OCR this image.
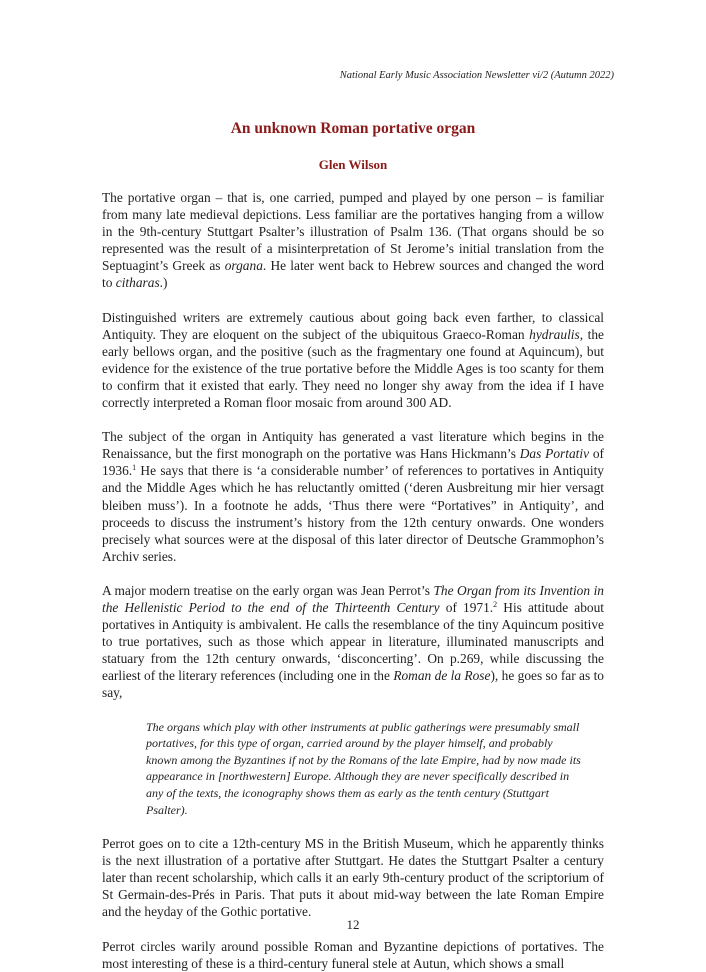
National Early Music Association Newsletter vi/2 (Autumn 2022)
An unknown Roman portative organ
Glen Wilson

The portative organ – that is, one carried, pumped and played by one person – is familiar from many late medieval depictions. Less familiar are the portatives hanging from a willow in the 9th-century Stuttgart Psalter’s illustration of Psalm 136. (That organs should be so represented was the result of a misinterpretation of St Jerome’s initial translation from the Septuagint’s Greek as organa. He later went back to Hebrew sources and changed the word to citharas.)

Distinguished writers are extremely cautious about going back even farther, to classical Antiquity. They are eloquent on the subject of the ubiquitous Graeco-Roman hydraulis, the early bellows organ, and the positive (such as the fragmentary one found at Aquincum), but evidence for the existence of the true portative before the Middle Ages is too scanty for them to confirm that it existed that early. They need no longer shy away from the idea if I have correctly interpreted a Roman floor mosaic from around 300 AD.

The subject of the organ in Antiquity has generated a vast literature which begins in the Renaissance, but the first monograph on the portative was Hans Hickmann’s Das Portativ of 1936.$^1$ He says that there is ‘a considerable number’ of references to portatives in Antiquity and the Middle Ages which he has reluctantly omitted (‘deren Ausbreitung mir hier versagt bleiben muss’). In a footnote he adds, ‘Thus there were “Portatives” in Antiquity’, and proceeds to discuss the instrument’s history from the 12th century onwards. One wonders precisely what sources were at the disposal of this later director of Deutsche Grammophon’s Archiv series.

A major modern treatise on the early organ was Jean Perrot’s The Organ from its Invention in the Hellenistic Period to the end of the Thirteenth Century of 1971.$^2$ His attitude about portatives in Antiquity is ambivalent. He calls the resemblance of the tiny Aquincum positive to true portatives, such as those which appear in literature, illuminated manuscripts and statuary from the 12th century onwards, ‘disconcerting’. On p.269, while discussing the earliest of the literary references (including one in the Roman de la Rose), he goes so far as to say,

The organs which play with other instruments at public gatherings were presumably small portatives, for this type of organ, carried around by the player himself, and probably known among the Byzantines if not by the Romans of the late Empire, had by now made its appearance in [northwestern] Europe. Although they are never specifically described in any of the texts, the iconography shows them as early as the tenth century (Stuttgart Psalter).

Perrot goes on to cite a 12th-century MS in the British Museum, which he apparently thinks is the next illustration of a portative after Stuttgart. He dates the Stuttgart Psalter a century later than recent scholarship, which calls it an early 9th-century product of the scriptorium of St Germain-des-Prés in Paris. That puts it about mid-way between the late Roman Empire and the heyday of the Gothic portative.

Perrot circles warily around possible Roman and Byzantine depictions of portatives. The most interesting of these is a third-century funeral stele at Autun, which shows a small

12
